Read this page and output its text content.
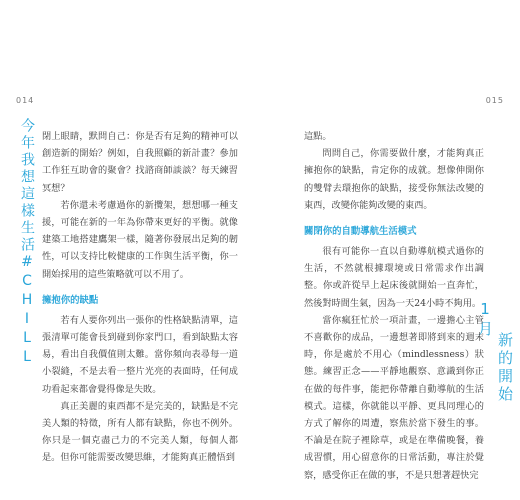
014
今年我想這樣生活#CHILL 閉上眼睛，默問自己：你是否有足夠的精神可以創造新的開始？例如，自我照顧的新計畫？參加工作狂互助會的聚會？找諮商師談談？每天練習冥想？

若你還未考慮過你的新攬架，想想哪一種支援，可能在新的一年為你帶來更好的平衡。就像建築工地搭建鷹架一樣，隨著你發展出足夠的韌性，可以支持比較健康的工作與生活平衡，你一開始採用的這些策略就可以不用了。

擁抱你的缺點

若有人要你列出一張你的性格缺點清單，這張清單可能會長到碰到你家門口，看到缺點太容易，看出自我價值則太難。當你頻向表尋每一道小裂縫，不是去看一整片光亮的表面時，任何成功看起來都會覺得像是失敗。

真正美麗的東西都不是完美的，缺點是不完美人類的特徵，所有人都有缺點，你也不例外。你只是一個克盡己力的不完美人類，每個人都是。但你可能需要改變思維，才能夠真正體悟到

015
1月
新的開始

這點。

問問自己，你需要做什麼，才能夠真正擁抱你的缺點，肯定你的成就。想像伸開你的雙臂去環抱你的缺點，接受你無法改變的東西，改變你能夠改變的東西。

關閉你的自動導航生活模式

很有可能你一直以自動導航模式過你的生活，不然就根據環境或日常需求作出調整。你或許從早上起床後就開始一直奔忙，然後對時間生氣，因為一天24小時不夠用。

當你瘋狂忙於一項計畫，一邊擔心主管不喜歡你的成品，一邊想著即將到來的週末時，你是處於不用心（mindlessness）狀態。練習正念——平靜地觀察、意識到你正在做的每件事，能把你帶離自動導航的生活模式。這樣，你就能以平靜、更具同理心的方式了解你的周遭，察焦於當下發生的事。不論是在院子裡除草，或是在準備晚餐，養成習慣，用心留意你的日常活動，專注於覺察，感受你正在做的事，不是只想著趕快完
